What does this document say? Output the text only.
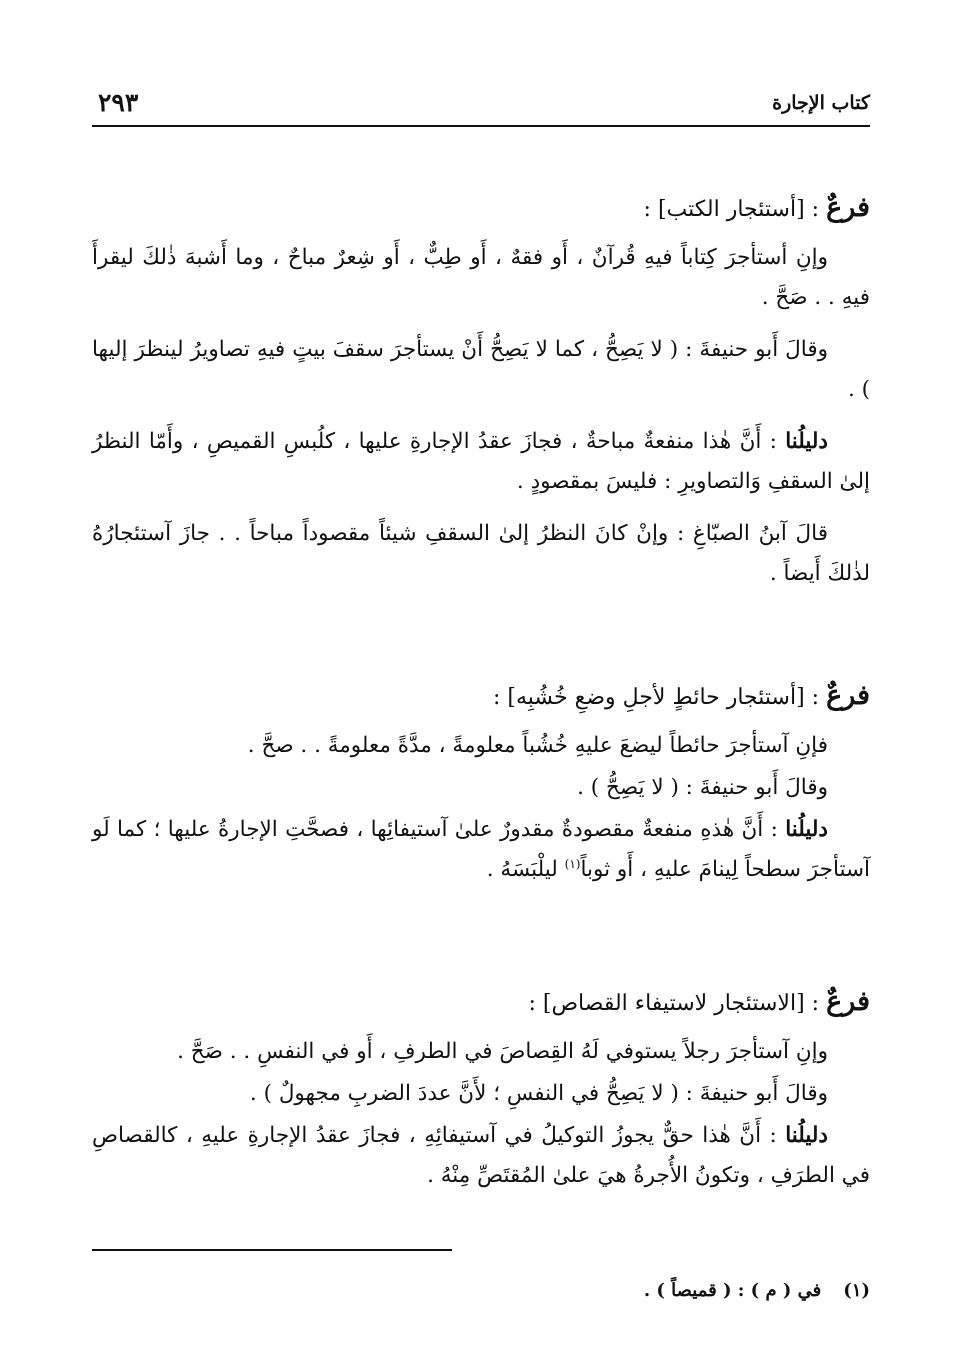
كتاب الإجارة
٢٩٣
فرعٌ : [أستئجار الكتب] :

وإنِ أستأجرَ كِتاباً فيهِ قُرآنٌ ، أَو فقهٌ ، أَو طِبٌّ ، أَو شِعرٌ مباحٌ ، وما أَشبهَ ذٰلكَ ليقرأَ فيهِ . . صَحَّ .

وقالَ أَبو حنيفةَ : ( لا يَصِحُّ ، كما لا يَصِحُّ أَنْ يستأجرَ سقفَ بيتٍ فيهِ تصاويرُ لينظرَ إليها ) .

دليلُنا : أَنَّ هٰذا منفعةٌ مباحةٌ ، فجازَ عقدُ الإجارةِ عليها ، كلُبسِ القميصِ ، وأَمّا النظرُ إلىٰ السقفِ وَالتصاويرِ : فليسَ بمقصودٍ .

قالَ آبنُ الصبّاغِ : وإنْ كانَ النظرُ إلىٰ السقفِ شيئاً مقصوداً مباحاً . . جازَ آستئجارُهُ لذٰلكَ أَيضاً .

فرعٌ : [أستئجار حائطٍ لأجلِ وضعِ خُشُبِه] :

فإنِ آستأجرَ حائطاً ليضعَ عليهِ خُشُباً معلومةً ، مدَّةً معلومةً . . صحَّ .

وقالَ أَبو حنيفةَ : ( لا يَصِحُّ ) .

دليلُنا : أَنَّ هٰذهِ منفعةٌ مقصودةٌ مقدورٌ علىٰ آستيفائِها ، فصحَّتِ الإجارةُ عليها ؛ كما لَو آستأجرَ سطحاً لِينامَ عليهِ ، أَو ثوباً$^{(١)}$ ليلْبَسَهُ .

فرعٌ : [الاستئجار لاستيفاء القصاص] :

وإنِ آستأجرَ رجلاً يستوفي لَهُ القِصاصَ في الطرفِ ، أَو في النفسِ . . صَحَّ .

وقالَ أَبو حنيفةَ : ( لا يَصِحُّ في النفسِ ؛ لأَنَّ عددَ الضربِ مجهولٌ ) .

دليلُنا : أَنَّ هٰذا حقٌّ يجوزُ التوكيلُ في آستيفائِهِ ، فجازَ عقدُ الإجارةِ عليهِ ، كالقصاصِ في الطرَفِ ، وتكونُ الأُجرةُ هيَ علىٰ المُقتَصِّ مِنْهُ .

(١)في ( م ) : ( قميصاً ) .
